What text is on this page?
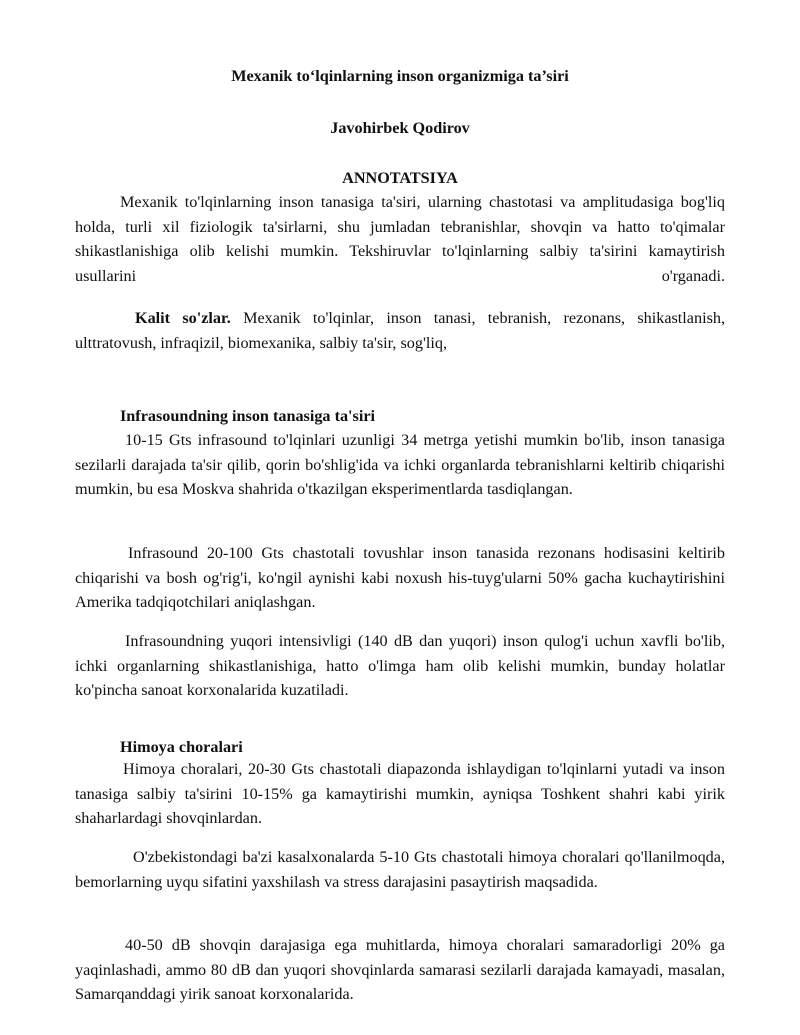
Mexanik to‘lqinlarning inson organizmiga ta’siri
Javohirbek Qodirov
ANNOTATSIYA

Mexanik to'lqinlarning inson tanasiga ta'siri, ularning chastotasi va amplitudasiga bog'liq holda, turli xil fiziologik ta'sirlarni, shu jumladan tebranishlar, shovqin va hatto to'qimalar shikastlanishiga olib kelishi mumkin. Tekshiruvlar to'lqinlarning salbiy ta'sirini kamaytirish usullarini o'rganadi.

Kalit so'zlar. Mexanik to'lqinlar, inson tanasi, tebranish, rezonans, shikastlanish, ulttratovush, infraqizil, biomexanika, salbiy ta'sir, sog'liq,

Infrasoundning inson tanasiga ta'siri

10-15 Gts infrasound to'lqinlari uzunligi 34 metrga yetishi mumkin bo'lib, inson tanasiga sezilarli darajada ta'sir qilib, qorin bo'shlig'ida va ichki organlarda tebranishlarni keltirib chiqarishi mumkin, bu esa Moskva shahrida o'tkazilgan eksperimentlarda tasdiqlangan.

Infrasound 20-100 Gts chastotali tovushlar inson tanasida rezonans hodisasini keltirib chiqarishi va bosh og'rig'i, ko'ngil aynishi kabi noxush his-tuyg'ularni 50% gacha kuchaytirishini Amerika tadqiqotchilari aniqlashgan.

Infrasoundning yuqori intensivligi (140 dB dan yuqori) inson qulog'i uchun xavfli bo'lib, ichki organlarning shikastlanishiga, hatto o'limga ham olib kelishi mumkin, bunday holatlar ko'pincha sanoat korxonalarida kuzatiladi.

Himoya choralari

Himoya choralari, 20-30 Gts chastotali diapazonda ishlaydigan to'lqinlarni yutadi va inson tanasiga salbiy ta'sirini 10-15% ga kamaytirishi mumkin, ayniqsa Toshkent shahri kabi yirik shaharlardagi shovqinlardan.

O'zbekistondagi ba'zi kasalxonalarda 5-10 Gts chastotali himoya choralari qo'llanilmoqda, bemorlarning uyqu sifatini yaxshilash va stress darajasini pasaytirish maqsadida.

40-50 dB shovqin darajasiga ega muhitlarda, himoya choralari samaradorligi 20% ga yaqinlashadi, ammo 80 dB dan yuqori shovqinlarda samarasi sezilarli darajada kamayadi, masalan, Samarqanddagi yirik sanoat korxonalarida.
